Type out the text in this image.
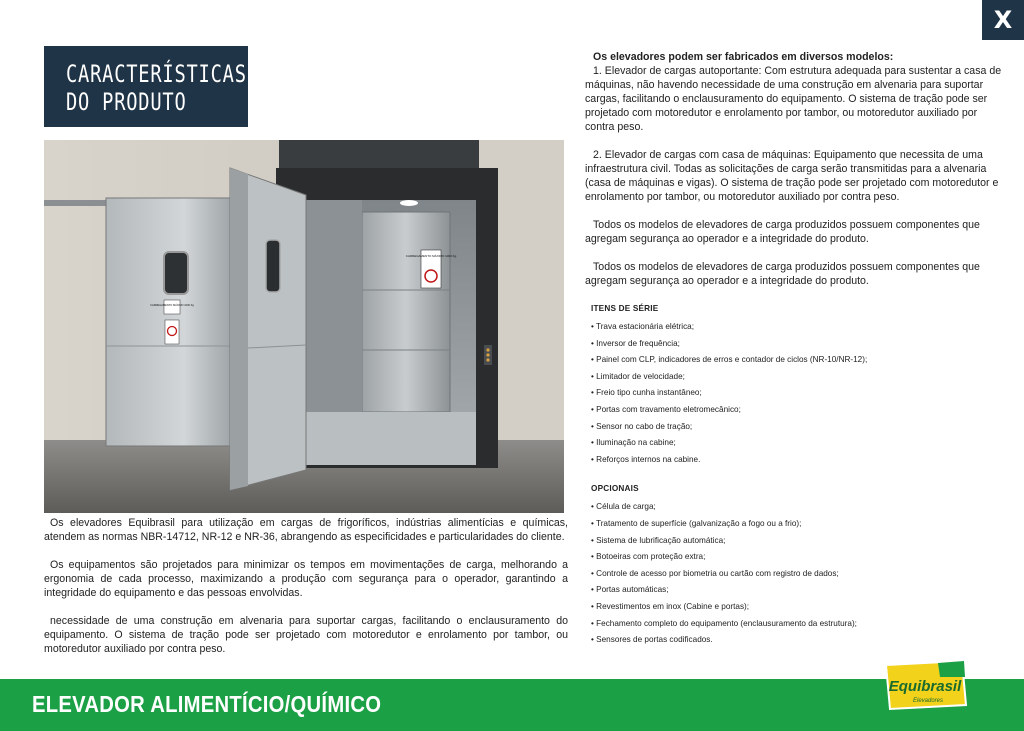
X
CARACTERÍSTICAS
DO PRODUTO
CARREGAMENTO MÁXIMO 1000 Kg
CARREGAMENTO MÁXIMO 1000 Kg

Os elevadores Equibrasil para utilização em cargas de frigoríficos, indústrias alimentícias e químicas, atendem as normas NBR-14712, NR-12 e NR-36, abrangendo as especificidades e particularidades do cliente.

Os equipamentos são projetados para minimizar os tempos em movimentações de carga, melhorando a ergonomia de cada processo, maximizando a produção com segurança para o operador, garantindo a integridade do equipamento e das pessoas envolvidas.

necessidade de uma construção em alvenaria para suportar cargas, facilitando o enclausuramento do equipamento. O sistema de tração pode ser projetado com motoredutor e enrolamento por tambor, ou motoredutor auxiliado por contra peso.

Os elevadores podem ser fabricados em diversos modelos:

1. Elevador de cargas autoportante: Com estrutura adequada para sustentar a casa de máquinas, não havendo necessidade de uma construção em alvenaria para suportar cargas, facilitando o enclausuramento do equipamento. O sistema de tração pode ser projetado com motoredutor e enrolamento por tambor, ou motoredutor auxiliado por contra peso.

2. Elevador de cargas com casa de máquinas: Equipamento que necessita de uma infraestrutura civil. Todas as solicitações de carga serão transmitidas para a alvenaria (casa de máquinas e vigas). O sistema de tração pode ser projetado com motoredutor e enrolamento por tambor, ou motoredutor auxiliado por contra peso.

Todos os modelos de elevadores de carga produzidos possuem componentes que agregam segurança ao operador e a integridade do produto.

Todos os modelos de elevadores de carga produzidos possuem componentes que agregam segurança ao operador e a integridade do produto.

ITENS DE SÉRIE
• Trava estacionária elétrica;
• Inversor de frequência;
• Painel com CLP, indicadores de erros e contador de ciclos (NR-10/NR-12);
• Limitador de velocidade;
• Freio tipo cunha instantâneo;
• Portas com travamento eletromecânico;
• Sensor no cabo de tração;
• Iluminação na cabine;
• Reforços internos na cabine.
OPCIONAIS
• Célula de carga;
• Tratamento de superfície (galvanização a fogo ou a frio);
• Sistema de lubrificação automática;
• Botoeiras com proteção extra;
• Controle de acesso por biometria ou cartão com registro de dados;
• Portas automáticas;
• Revestimentos em inox (Cabine e portas);
• Fechamento completo do equipamento (enclausuramento da estrutura);
• Sensores de portas codificados.
ELEVADOR ALIMENTÍCIO/QUÍMICO
Equibrasil
Elevadores
